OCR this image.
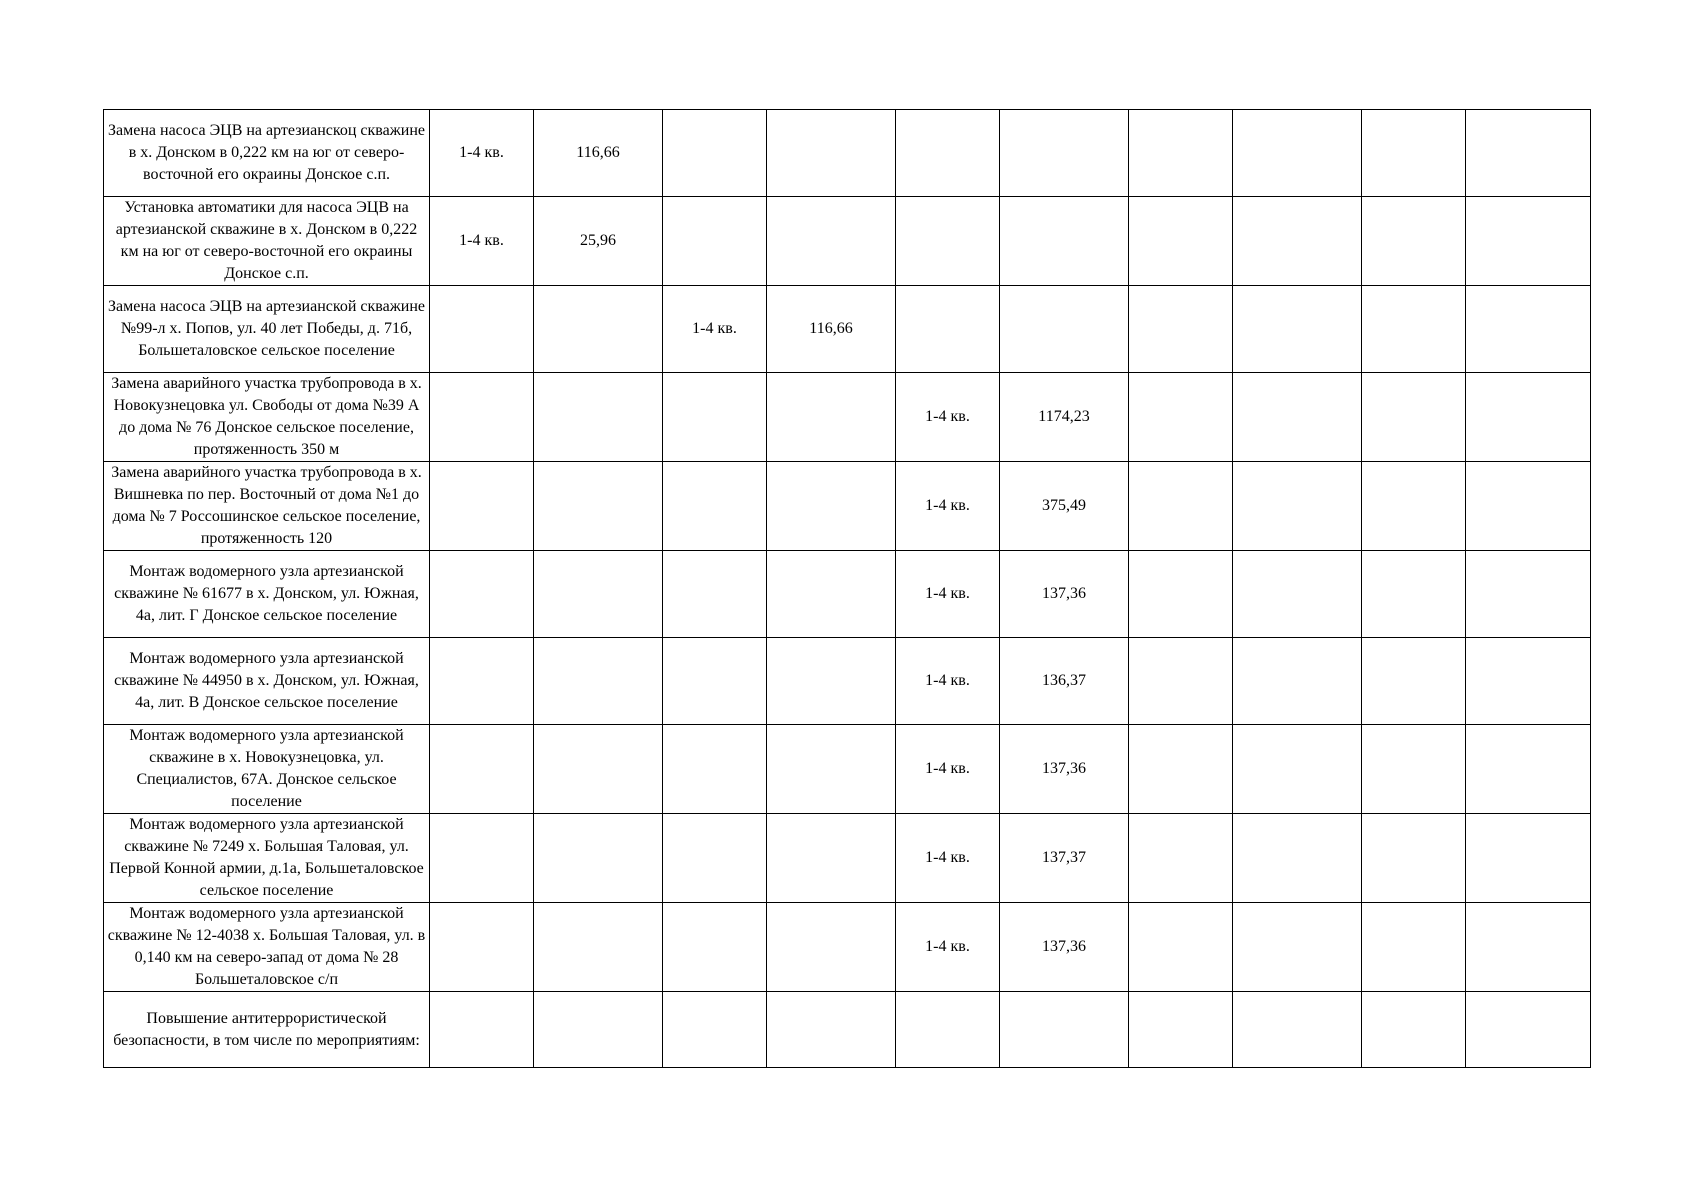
Замена насоса ЭЦВ на артезианскоц скважине в х. Донском в 0,222 км на юг от северо-восточной его окраины Донское с.п.	1-4 кв.	116,66								

Установка автоматики для насоса ЭЦВ на артезианской скважине в х. Донском в 0,222 км на юг от северо-восточной его окраины Донское с.п.	1-4 кв.	25,96								

Замена насоса ЭЦВ на артезианской скважине №99-л х. Попов, ул. 40 лет Победы, д. 71б, Большеталовское сельское поселение			1-4 кв.	116,66						

Замена аварийного участка трубопровода в х. Новокузнецовка ул. Свободы от дома №39 А до дома № 76 Донское сельское поселение, протяженность 350 м					1-4 кв.	1174,23				

Замена аварийного участка трубопровода в х. Вишневка по пер. Восточный от дома №1 до дома № 7 Россошинское сельское поселение, протяженность 120					1-4 кв.	375,49				

Монтаж водомерного узла артезианской скважине № 61677 в х. Донском, ул. Южная, 4а, лит. Г Донское сельское поселение					1-4 кв.	137,36				

Монтаж водомерного узла артезианской скважине № 44950 в х. Донском, ул. Южная, 4а, лит. В Донское сельское поселение					1-4 кв.	136,37				

Монтаж водомерного узла артезианской скважине в х. Новокузнецовка, ул. Специалистов, 67А. Донское сельское поселение					1-4 кв.	137,36				

Монтаж водомерного узла артезианской скважине № 7249 х. Большая Таловая, ул. Первой Конной армии, д.1а, Большеталовское сельское поселение					1-4 кв.	137,37				

Монтаж водомерного узла артезианской скважине № 12-4038 х. Большая Таловая, ул. в 0,140 км на северо-запад от дома № 28 Большеталовское с/п					1-4 кв.	137,36				

Повышение антитеррористической безопасности, в том числе по мероприятиям:										
